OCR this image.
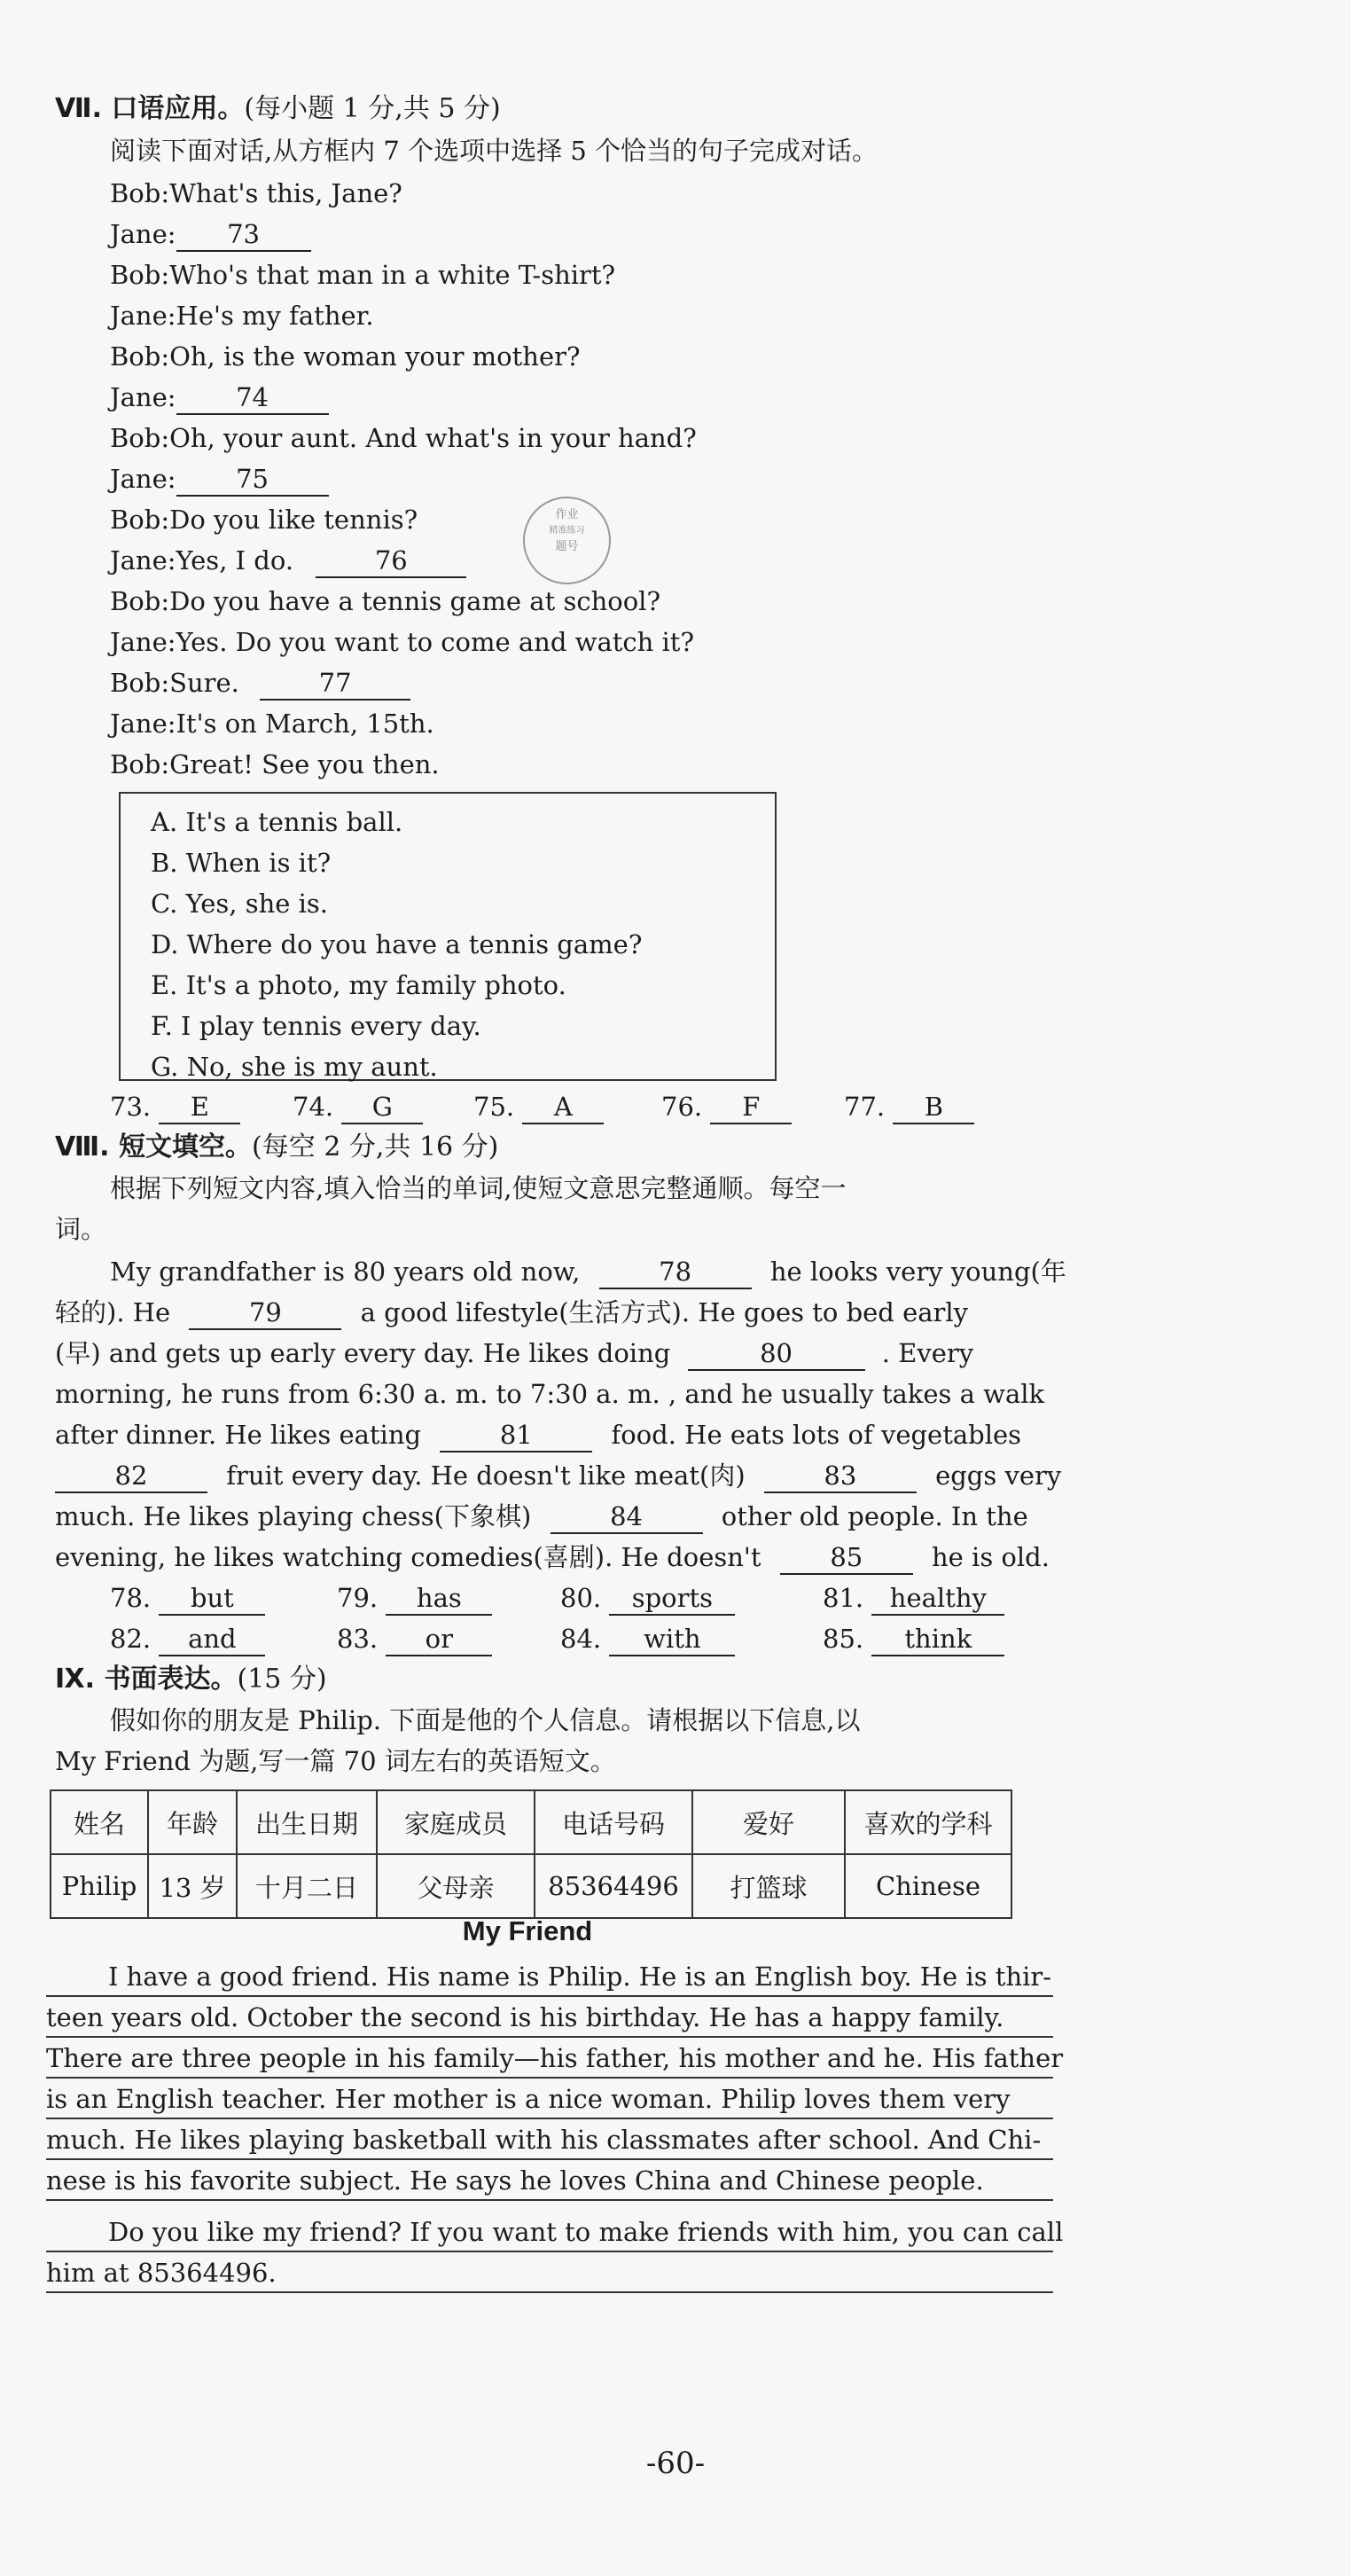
Ⅶ. 口语应用。(每小题 1 分,共 5 分)
阅读下面对话,从方框内 7 个选项中选择 5 个恰当的句子完成对话。
Bob:What's this, Jane?
Jane: 73
Bob:Who's that man in a white T-shirt?
Jane:He's my father.
Bob:Oh, is the woman your mother?
Jane: 74
Bob:Oh, your aunt. And what's in your hand?
Jane: 75
Bob:Do you like tennis?
Jane:Yes, I do.	76
Bob:Do you have a tennis game at school?
Jane:Yes. Do you want to come and watch it?
Bob:Sure.	77
Jane:It's on March, 15th.
Bob:Great! See you then.
作业
精准练习
题号
A. It's a tennis ball.
B. When is it?
C. Yes, she is.
D. Where do you have a tennis game?
E. It's a photo, my family photo.
F. I play tennis every day.
G. No, she is my aunt.
73. E	74. G	75. A	76. F	77. B
Ⅷ. 短文填空。(每空 2 分,共 16 分)
根据下列短文内容,填入恰当的单词,使短文意思完整通顺。每空一
词。
My grandfather is 80 years old now,	78	he looks very young(年
轻的). He	79	a good lifestyle(生活方式). He goes to bed early
(早) and gets up early every day. He likes doing	80	. Every
morning, he runs from 6:30 a. m. to 7:30 a. m. , and he usually takes a walk
after dinner. He likes eating	81	food. He eats lots of vegetables
82	fruit every day. He doesn't like meat(肉)	83	eggs very
much. He likes playing chess(下象棋)	84	other old people. In the
evening, he likes watching comedies(喜剧). He doesn't	85	he is old.
78. but	79. has	80. sports	81. healthy
82. and	83. or	84. with	85. think
Ⅸ. 书面表达。(15 分)
假如你的朋友是 Philip. 下面是他的个人信息。请根据以下信息,以
My Friend 为题,写一篇 70 词左右的英语短文。
姓名	年龄	出生日期	家庭成员	电话号码	爱好	喜欢的学科
Philip	13 岁	十月二日	父母亲	85364496	打篮球	Chinese
My Friend
I have a good friend. His name is Philip. He is an English boy. He is thir-
teen years old. October the second is his birthday. He has a happy family.
There are three people in his family—his father, his mother and he. His father
is an English teacher. Her mother is a nice woman. Philip loves them very
much. He likes playing basketball with his classmates after school. And Chi-
nese is his favorite subject. He says he loves China and Chinese people.
Do you like my friend? If you want to make friends with him, you can call
him at 85364496.
-60-
